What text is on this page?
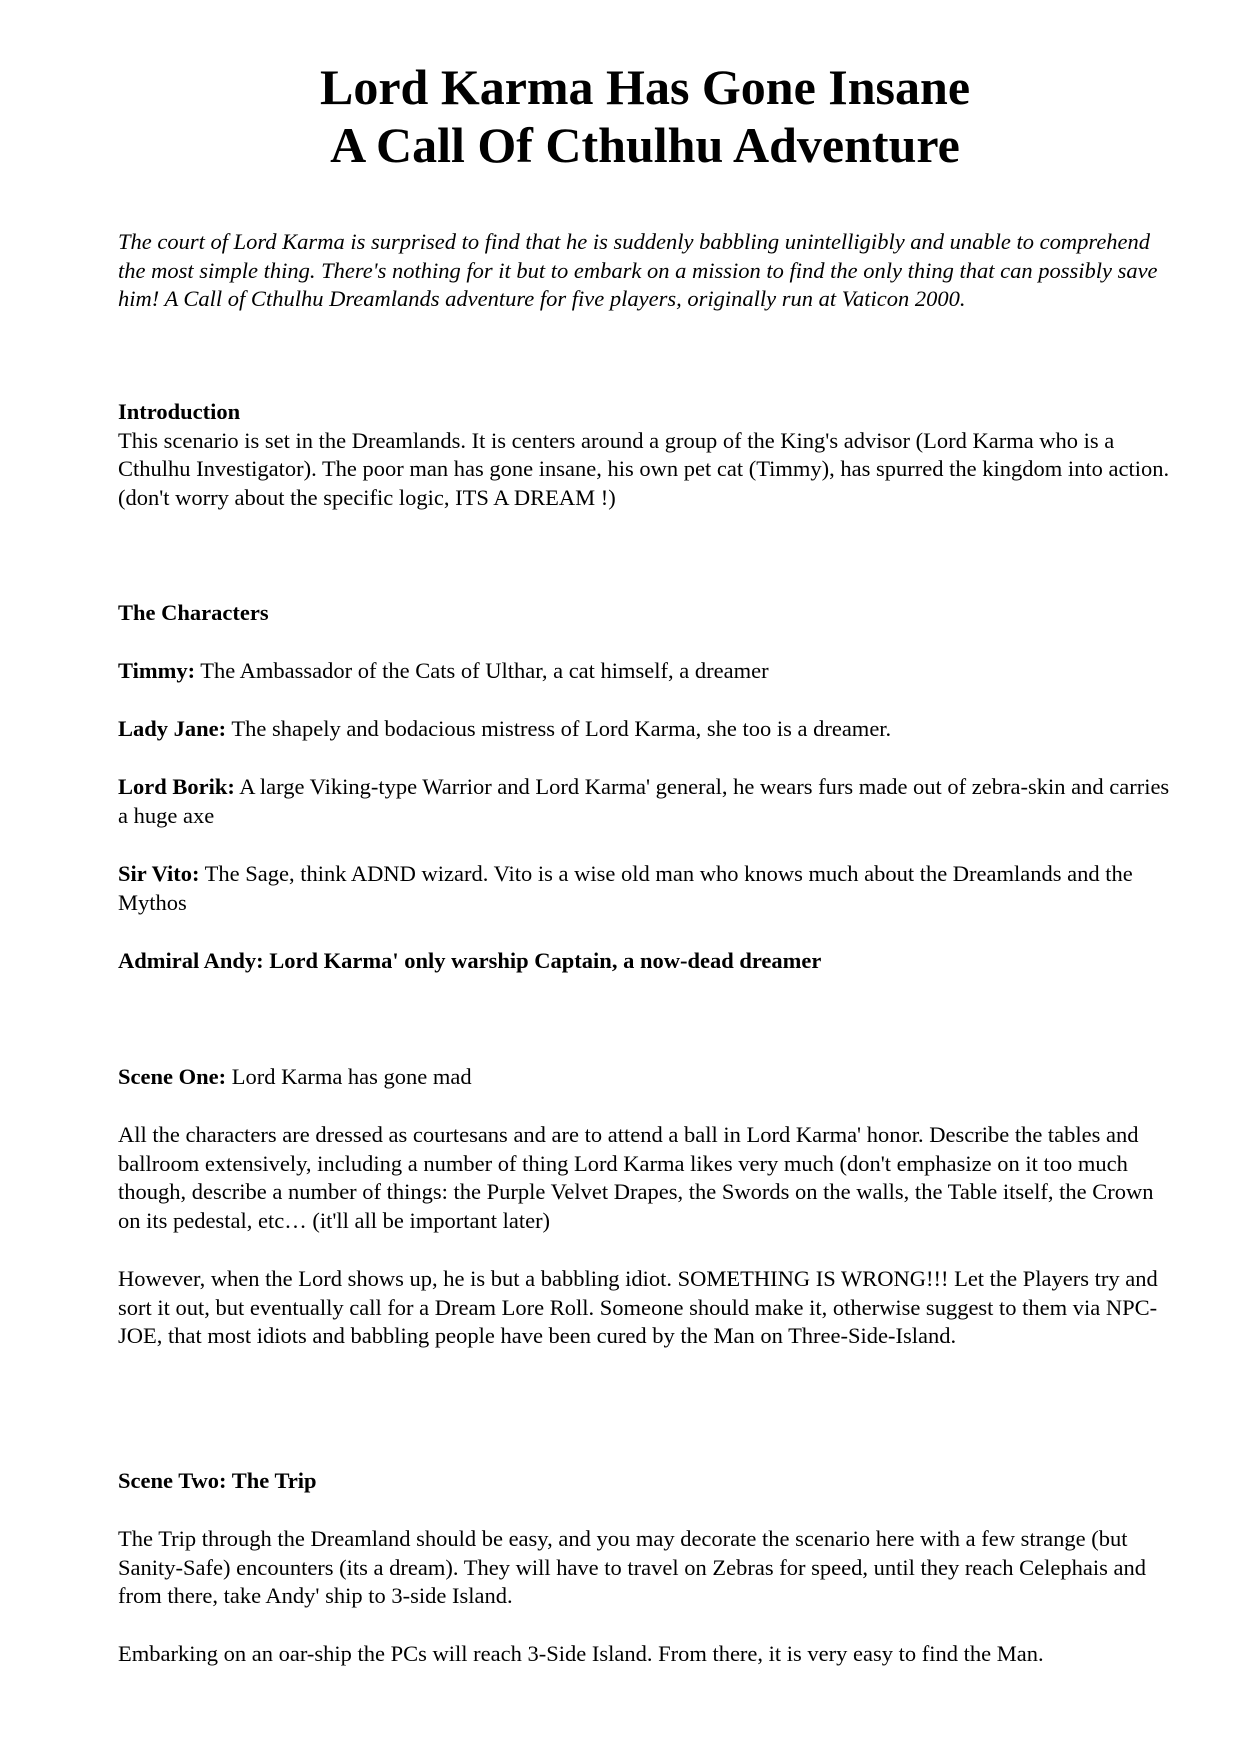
Lord Karma Has Gone Insane
A Call Of Cthulhu Adventure

The court of Lord Karma is surprised to find that he is suddenly babbling unintelligibly and unable to comprehend the most simple thing. There's nothing for it but to embark on a mission to find the only thing that can possibly save him! A Call of Cthulhu Dreamlands adventure for five players, originally run at Vaticon 2000.

Introduction
This scenario is set in the Dreamlands. It is centers around a group of the King's advisor (Lord Karma who is a Cthulhu Investigator). The poor man has gone insane, his own pet cat (Timmy), has spurred the kingdom into action. (don't worry about the specific logic, ITS A DREAM !)

The Characters

Timmy: The Ambassador of the Cats of Ulthar, a cat himself, a dreamer

Lady Jane: The shapely and bodacious mistress of Lord Karma, she too is a dreamer.

Lord Borik: A large Viking-type Warrior and Lord Karma' general, he wears furs made out of zebra-skin and carries a huge axe

Sir Vito: The Sage, think ADND wizard. Vito is a wise old man who knows much about the Dreamlands and the Mythos

Admiral Andy: Lord Karma' only warship Captain, a now-dead dreamer

Scene One: Lord Karma has gone mad

All the characters are dressed as courtesans and are to attend a ball in Lord Karma' honor. Describe the tables and ballroom extensively, including a number of thing Lord Karma likes very much (don't emphasize on it too much though, describe a number of things: the Purple Velvet Drapes, the Swords on the walls, the Table itself, the Crown on its pedestal, etc… (it'll all be important later)

However, when the Lord shows up, he is but a babbling idiot. SOMETHING IS WRONG!!! Let the Players try and sort it out, but eventually call for a Dream Lore Roll. Someone should make it, otherwise suggest to them via NPC-JOE, that most idiots and babbling people have been cured by the Man on Three-Side-Island.

Scene Two: The Trip

The Trip through the Dreamland should be easy, and you may decorate the scenario here with a few strange (but Sanity-Safe) encounters (its a dream). They will have to travel on Zebras for speed, until they reach Celephais and from there, take Andy' ship to 3-side Island.

Embarking on an oar-ship the PCs will reach 3-Side Island. From there, it is very easy to find the Man.
